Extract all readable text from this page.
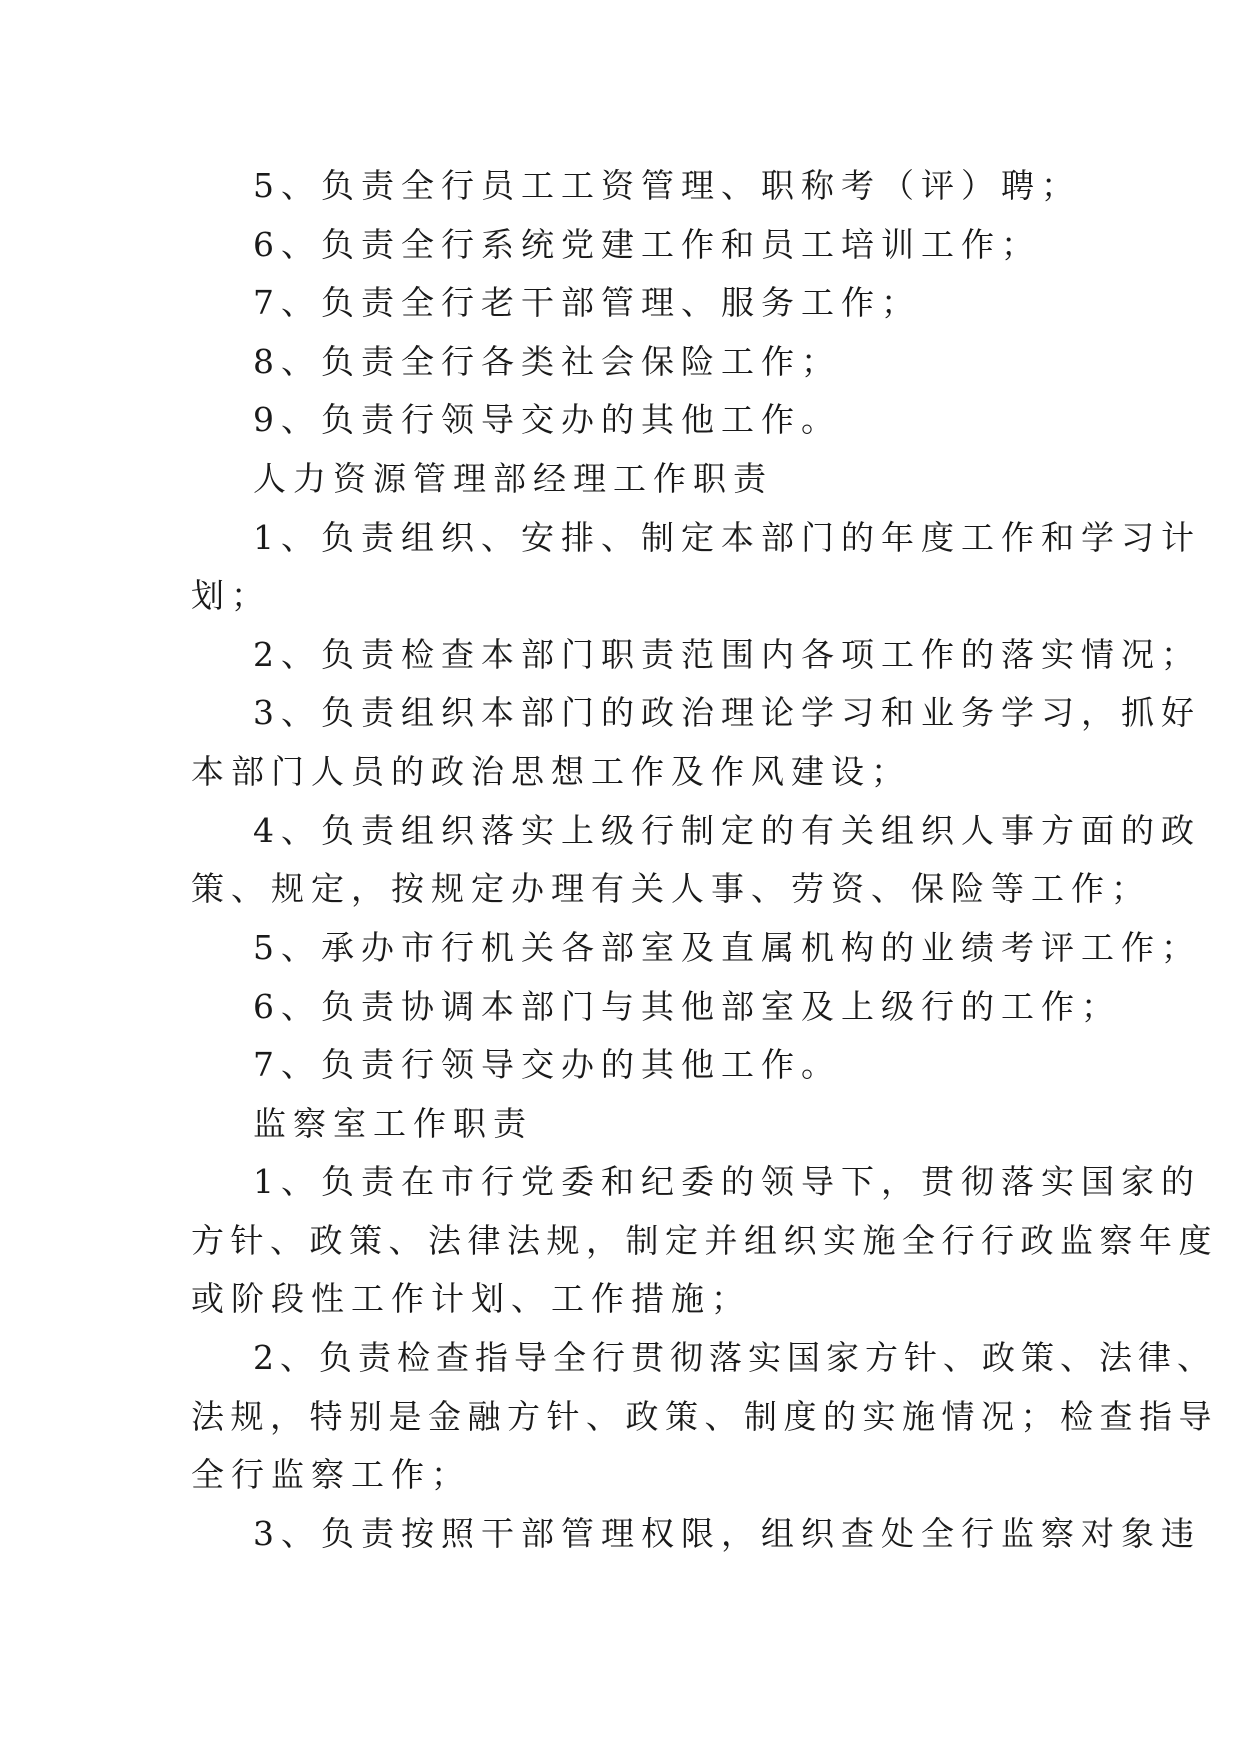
5、负责全行员工工资管理、职称考（评）聘；

6、负责全行系统党建工作和员工培训工作；

7、负责全行老干部管理、服务工作；

8、负责全行各类社会保险工作；

9、负责行领导交办的其他工作。

人力资源管理部经理工作职责

1、负责组织、安排、制定本部门的年度工作和学习计

划；

2、负责检查本部门职责范围内各项工作的落实情况；

3、负责组织本部门的政治理论学习和业务学习，抓好

本部门人员的政治思想工作及作风建设；

4、负责组织落实上级行制定的有关组织人事方面的政

策、规定，按规定办理有关人事、劳资、保险等工作；

5、承办市行机关各部室及直属机构的业绩考评工作；

6、负责协调本部门与其他部室及上级行的工作；

7、负责行领导交办的其他工作。

监察室工作职责

1、负责在市行党委和纪委的领导下，贯彻落实国家的

方针、政策、法律法规，制定并组织实施全行行政监察年度

或阶段性工作计划、工作措施；

2、负责检查指导全行贯彻落实国家方针、政策、法律、

法规，特别是金融方针、政策、制度的实施情况；检查指导

全行监察工作；

3、负责按照干部管理权限，组织查处全行监察对象违
